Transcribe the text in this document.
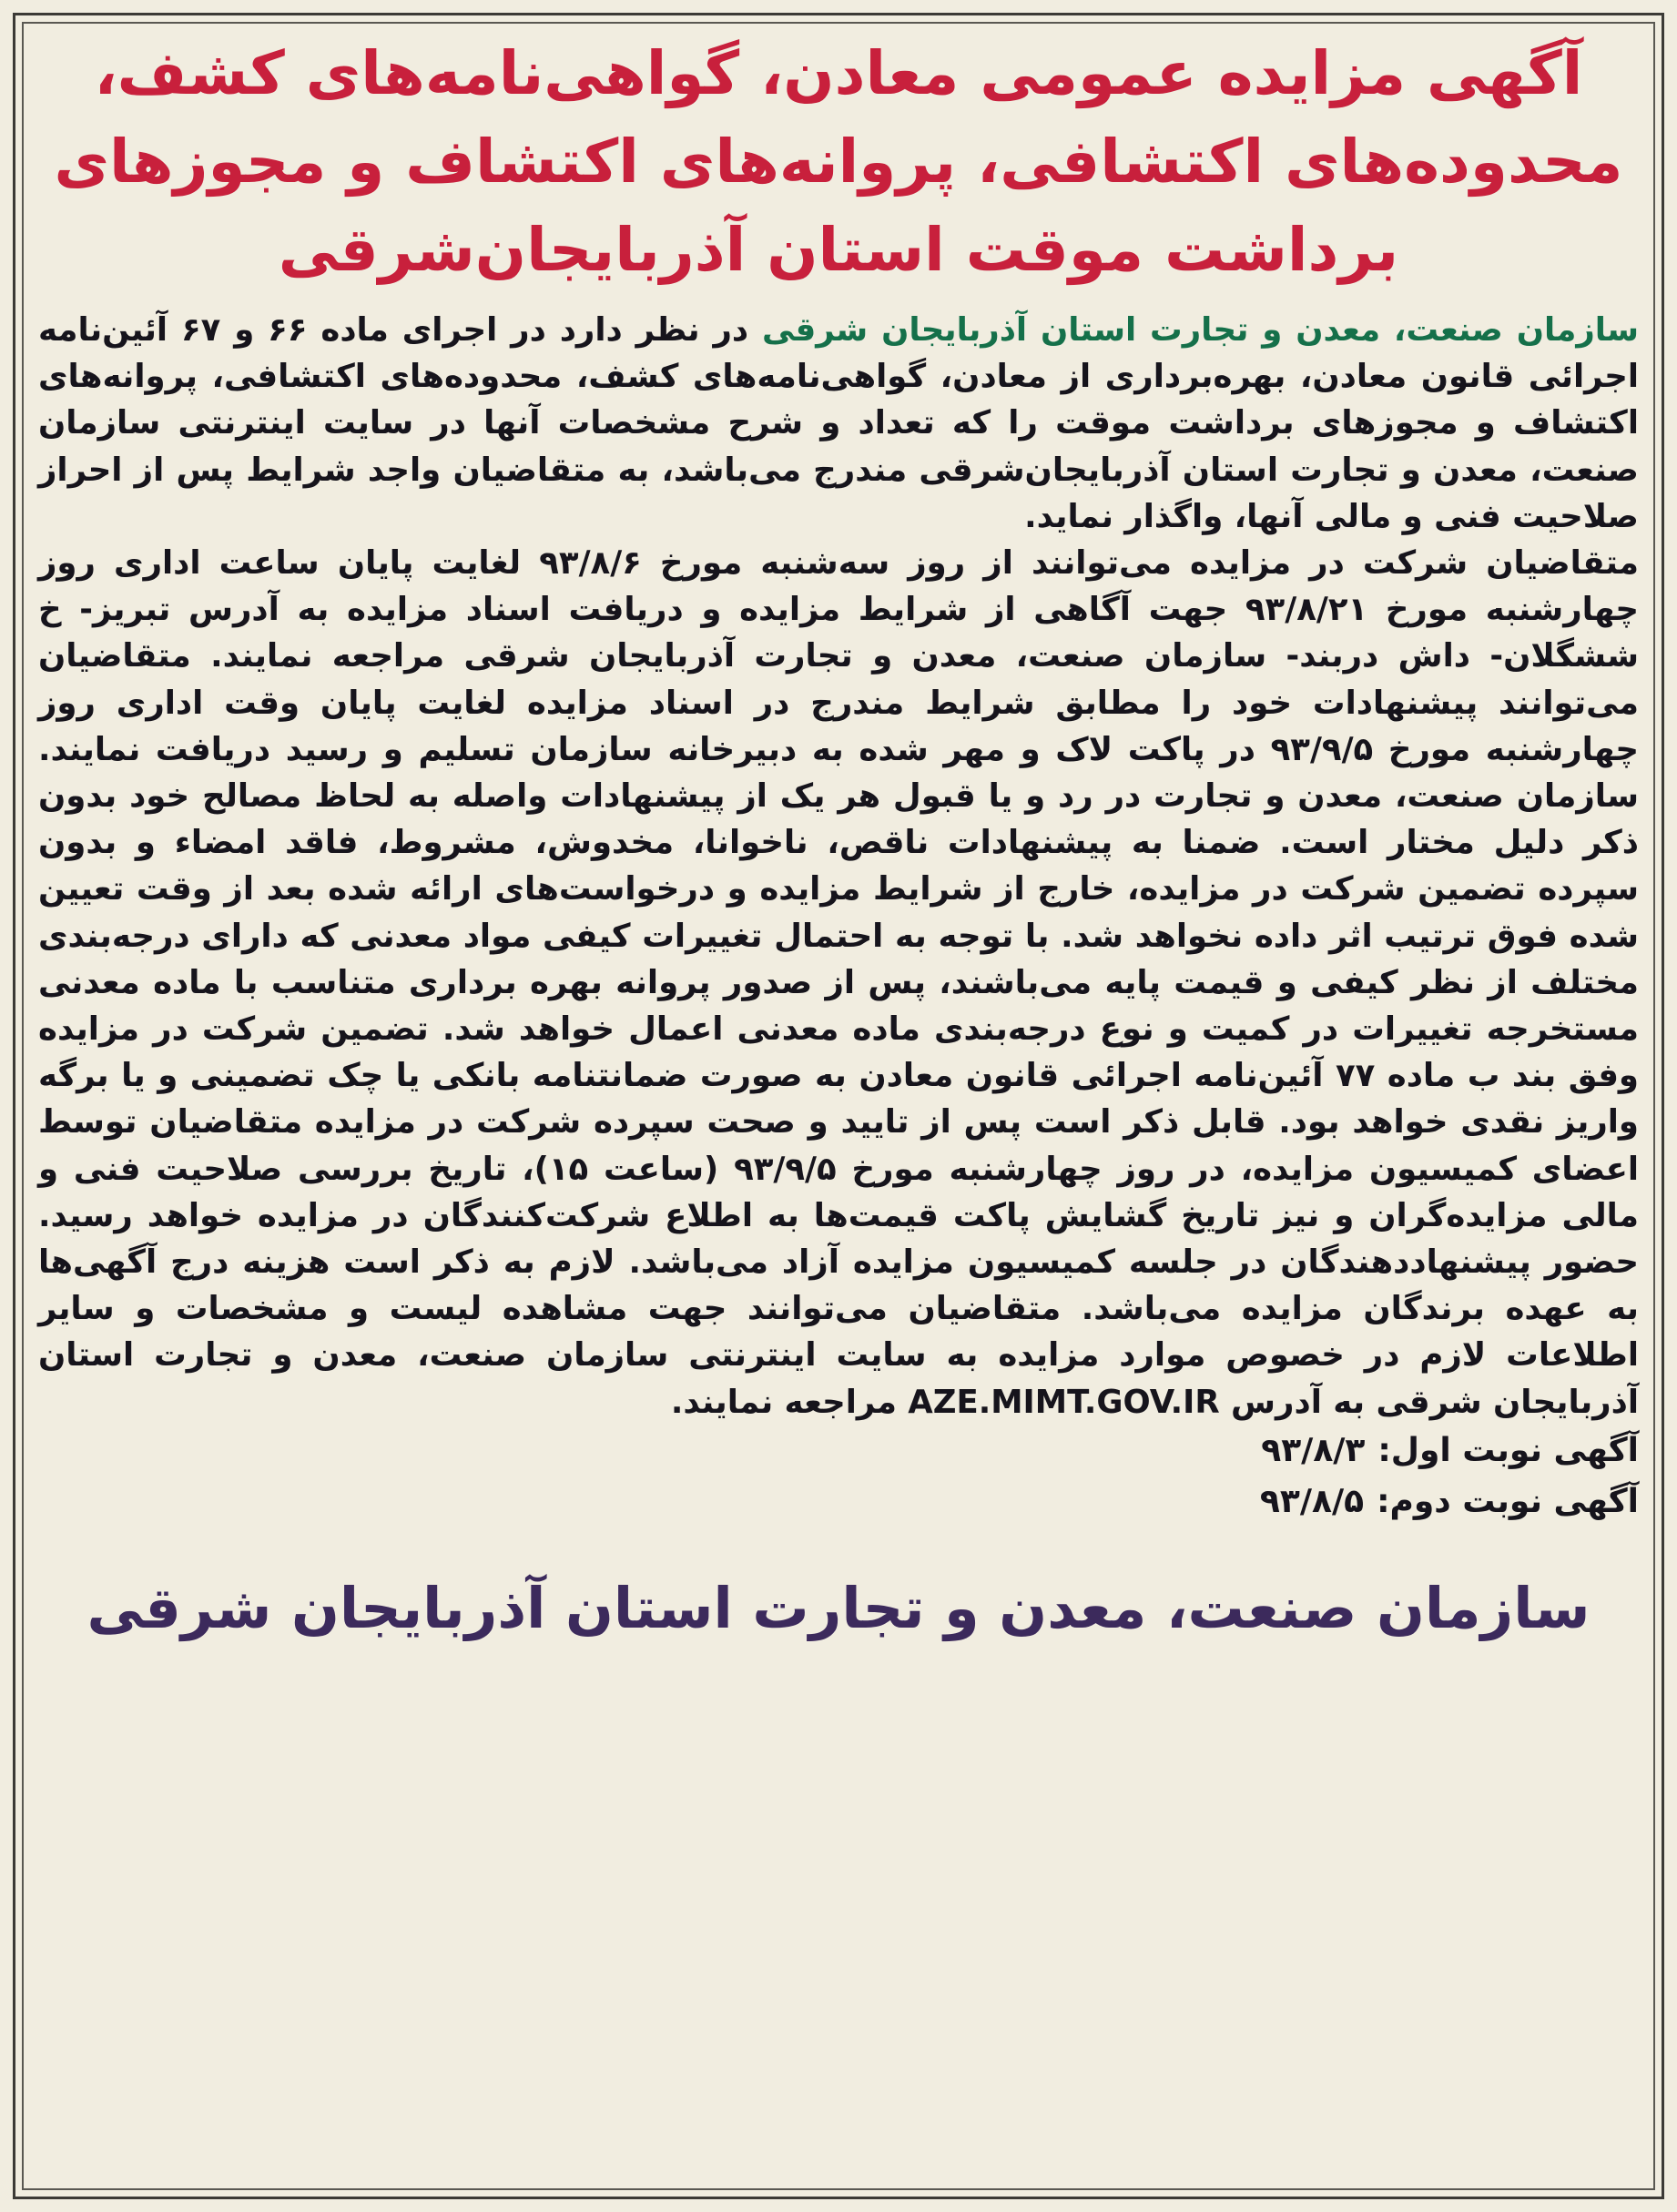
آگهی مزایده عمومی معادن، گواهی‌نامه‌های کشف،
محدوده‌های اکتشافی، پروانه‌های اکتشاف و مجوزهای
برداشت موقت استان آذربایجان‌شرقی

سازمان صنعت، معدن و تجارت استان آذربایجان شرقی در نظر دارد در اجرای ماده ۶۶ و ۶۷ آئین‌نامه اجرائی قانون معادن، بهره‌برداری از معادن، گواهی‌نامه‌های کشف، محدوده‌های اکتشافی، پروانه‌های اکتشاف و مجوزهای برداشت موقت را که تعداد و شرح مشخصات آنها در سایت اینترنتی سازمان صنعت، معدن و تجارت استان آذربایجان‌شرقی مندرج می‌باشد، به متقاضیان واجد شرایط پس از احراز صلاحیت فنی و مالی آنها، واگذار نماید.

متقاضیان شرکت در مزایده می‌توانند از روز سه‌شنبه مورخ ۹۳/۸/۶ لغایت پایان ساعت اداری روز چهارشنبه مورخ ۹۳/۸/۲۱ جهت آگاهی از شرایط مزایده و دریافت اسناد مزایده به آدرس تبریز- خ ششگلان- داش دربند- سازمان صنعت، معدن و تجارت آذربایجان شرقی مراجعه نمایند. متقاضیان می‌توانند پیشنهادات خود را مطابق شرایط مندرج در اسناد مزایده لغایت پایان وقت اداری روز چهارشنبه مورخ ۹۳/۹/۵ در پاکت لاک و مهر شده به دبیرخانه سازمان تسلیم و رسید دریافت نمایند. سازمان صنعت، معدن و تجارت در رد و یا قبول هر یک از پیشنهادات واصله به لحاظ مصالح خود بدون ذکر دلیل مختار است. ضمنا به پیشنهادات ناقص، ناخوانا، مخدوش، مشروط، فاقد امضاء و بدون سپرده تضمین شرکت در مزایده، خارج از شرایط مزایده و درخواست‌های ارائه شده بعد از وقت تعیین شده فوق ترتیب اثر داده نخواهد شد. با توجه به احتمال تغییرات کیفی مواد معدنی که دارای درجه‌بندی مختلف از نظر کیفی و قیمت پایه می‌باشند، پس از صدور پروانه بهره برداری متناسب با ماده معدنی مستخرجه تغییرات در کمیت و نوع درجه‌بندی ماده معدنی اعمال خواهد شد. تضمین شرکت در مزایده وفق بند ب ماده ۷۷ آئین‌نامه اجرائی قانون معادن به صورت ضمانتنامه بانکی یا چک تضمینی و یا برگه واریز نقدی خواهد بود. قابل ذکر است پس از تایید و صحت سپرده شرکت در مزایده متقاضیان توسط اعضای کمیسیون مزایده، در روز چهارشنبه مورخ ۹۳/۹/۵ (ساعت ۱۵)، تاریخ بررسی صلاحیت فنی و مالی مزایده‌گران و نیز تاریخ گشایش پاکت قیمت‌ها به اطلاع شرکت‌کنندگان در مزایده خواهد رسید. حضور پیشنهاددهندگان در جلسه کمیسیون مزایده آزاد می‌باشد. لازم به ذکر است هزینه درج آگهی‌ها به عهده برندگان مزایده می‌باشد. متقاضیان می‌توانند جهت مشاهده لیست و مشخصات و سایر اطلاعات لازم در خصوص موارد مزایده به سایت اینترنتی سازمان صنعت، معدن و تجارت استان آذربایجان شرقی به آدرس AZE.MIMT.GOV.IR مراجعه نمایند.

آگهی نوبت اول:۹۳/۸/۳
آگهی نوبت دوم:۹۳/۸/۵
سازمان صنعت، معدن و تجارت استان آذربایجان شرقی
